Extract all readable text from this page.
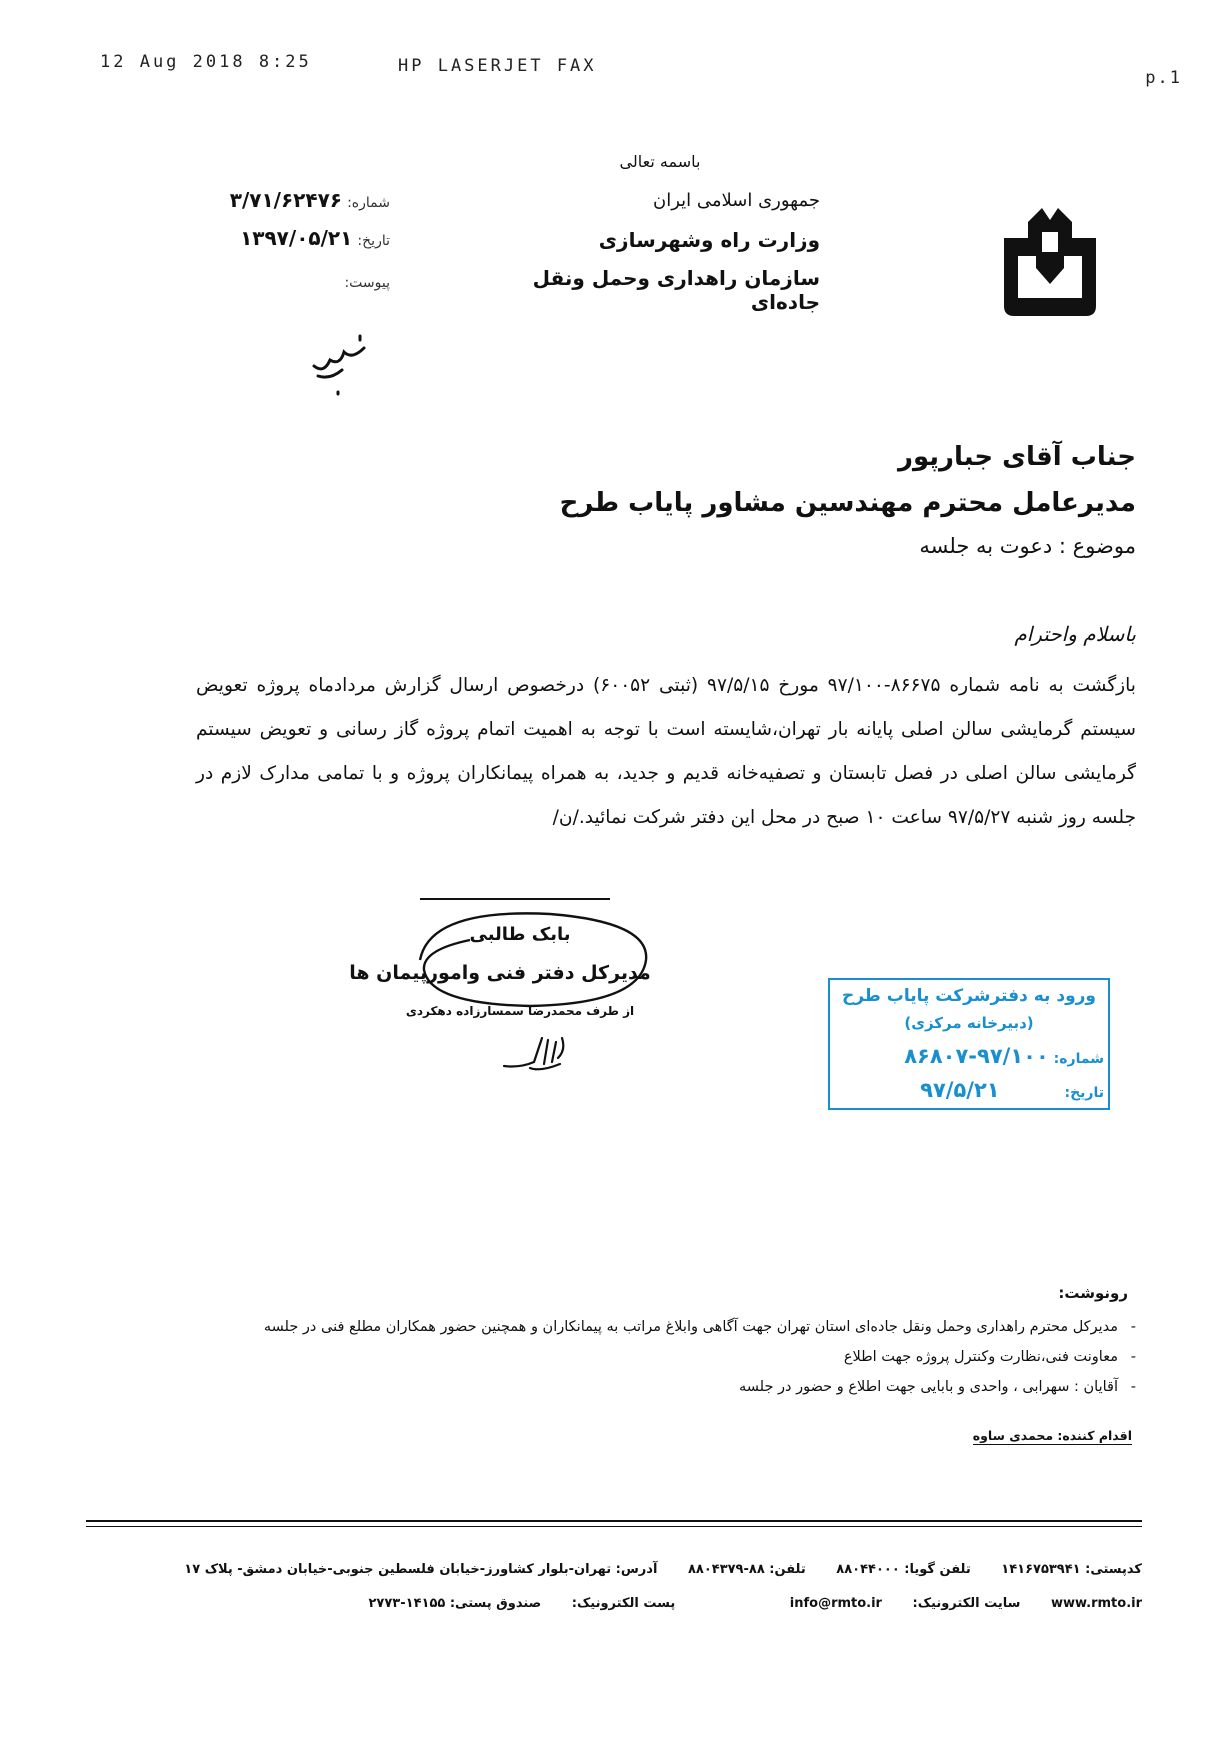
12 Aug 2018 8:25	HP LASERJET FAX
p.1
باسمه تعالی
جمهوری اسلامی ایران
وزارت راه وشهرسازی
سازمان راهداری وحمل ونقل جاده‌ای
شماره: ۳/۷۱/۶۲۴۷۶
تاریخ: ۱۳۹۷/۰۵/۲۱
پیوست:
جناب آقای جبارپور
مدیرعامل محترم مهندسین مشاور پایاب طرح
موضوع : دعوت به جلسه
باسلام واحترام
بازگشت به نامه شماره ۸۶۶۷۵-۹۷/۱۰۰ مورخ ۹۷/۵/۱۵ (ثبتی ۶۰۰۵۲) درخصوص ارسال گزارش مردادماه پروژه تعویض سیستم گرمایشی سالن اصلی پایانه بار تهران،شایسته است با توجه به اهمیت اتمام پروژه گاز رسانی و تعویض سیستم گرمایشی سالن اصلی در فصل تابستان و تصفیه‌خانه قدیم و جدید، به همراه پیمانکاران پروژه و با تمامی مدارک لازم در جلسه روز شنبه ۹۷/۵/۲۷ ساعت ۱۰ صبح در محل این دفتر شرکت نمائید./ن/
بابک طالبی
مدیرکل دفتر فنی وامورپیمان ها
از طرف محمدرضا سمسارزاده دهکردی
ورود به دفترشرکت پایاب طرح
(دبیرخانه مرکزی)
شماره: ۸۶۸۰۷-۹۷/۱۰۰
تاریخ: ۹۷/۵/۲۱
رونوشت:
- مدیرکل محترم راهداری وحمل ونقل جاده‌ای استان تهران جهت آگاهی وابلاغ مراتب به پیمانکاران و همچنین حضور همکاران مطلع فنی در جلسه
- معاونت فنی،نظارت وکنترل پروژه جهت اطلاع
- آقایان : سهرابی ، واحدی و بابایی جهت اطلاع و حضور در جلسه
اقدام کننده: محمدی ساوه
آدرس: تهران-بلوار کشاورز-خیابان فلسطین جنوبی-خیابان دمشق- پلاک ۱۷ تلفن: ۸۸-۸۸۰۴۳۷۹ تلفن گویا: ۸۸۰۴۴۰۰۰ کدپستی: ۱۴۱۶۷۵۳۹۴۱
صندوق پستی: ۱۴۱۵۵-۲۷۷۳ پست الکترونیک:	info@rmto.ir سایت الکترونیک: www.rmto.ir
